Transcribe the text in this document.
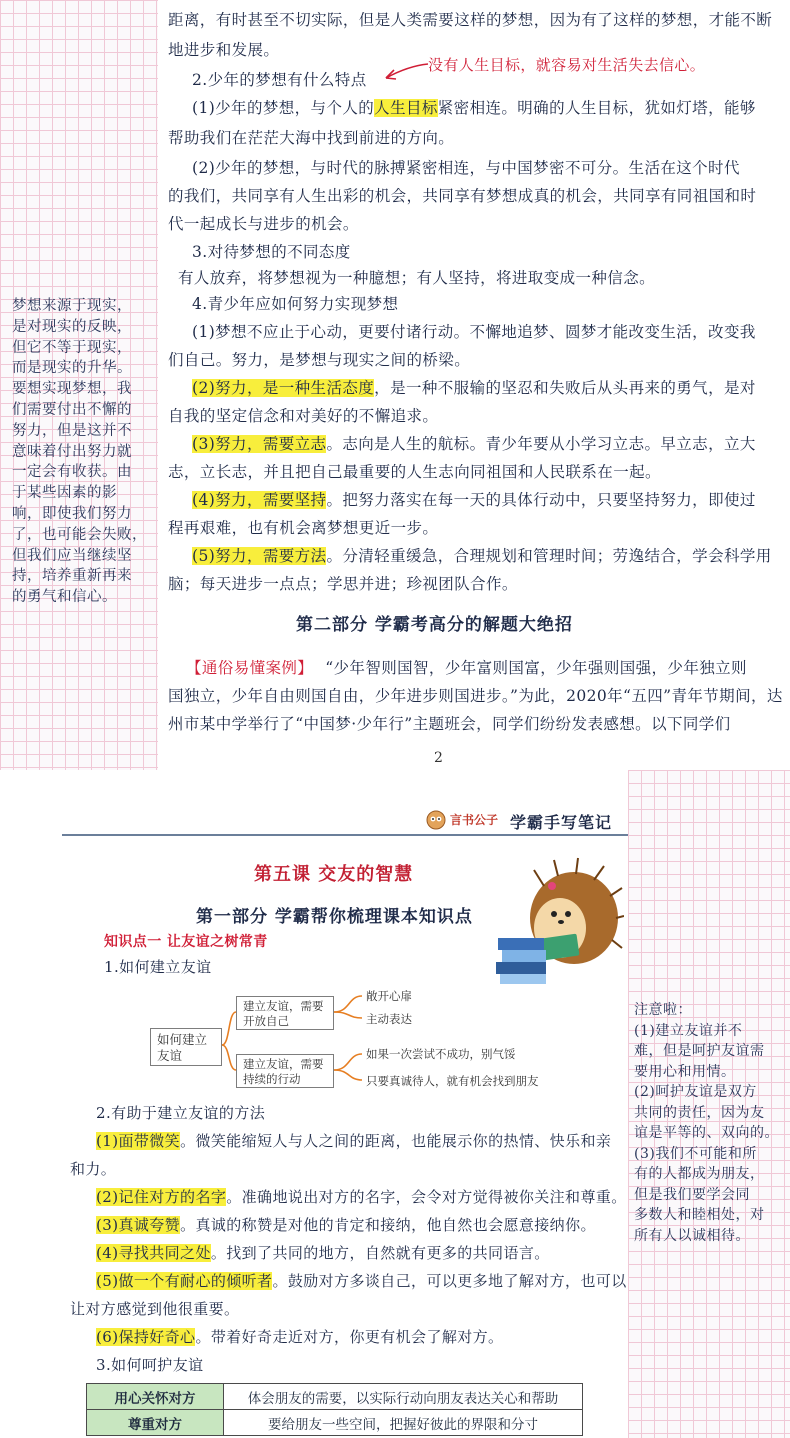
距离，有时甚至不切实际，但是人类需要这样的梦想，因为有了这样的梦想，才能不断
地进步和发展。
2.少年的梦想有什么特点
没有人生目标，就容易对生活失去信心。
(1)少年的梦想，与个人的人生目标紧密相连。明确的人生目标，犹如灯塔，能够
帮助我们在茫茫大海中找到前进的方向。
(2)少年的梦想，与时代的脉搏紧密相连，与中国梦密不可分。生活在这个时代
的我们，共同享有人生出彩的机会，共同享有梦想成真的机会，共同享有同祖国和时
代一起成长与进步的机会。
3.对待梦想的不同态度
有人放弃，将梦想视为一种臆想；有人坚持，将进取变成一种信念。
4.青少年应如何努力实现梦想
(1)梦想不应止于心动，更要付诸行动。不懈地追梦、圆梦才能改变生活，改变我
们自己。努力，是梦想与现实之间的桥梁。
(2)努力，是一种生活态度，是一种不服输的坚忍和失败后从头再来的勇气，是对
自我的坚定信念和对美好的不懈追求。
(3)努力，需要立志。志向是人生的航标。青少年要从小学习立志。早立志，立大
志，立长志，并且把自己最重要的人生志向同祖国和人民联系在一起。
(4)努力，需要坚持。把努力落实在每一天的具体行动中，只要坚持努力，即使过
程再艰难，也有机会离梦想更近一步。
(5)努力，需要方法。分清轻重缓急，合理规划和管理时间；劳逸结合，学会科学用
脑；每天进步一点点；学思并进；珍视团队合作。
第二部分 学霸考高分的解题大绝招
【通俗易懂案例】 “少年智则国智，少年富则国富，少年强则国强，少年独立则
国独立，少年自由则国自由，少年进步则国进步。”为此，2020年“五四”青年节期间，达
州市某中学举行了“中国梦·少年行”主题班会，同学们纷纷发表感想。以下同学们
2
梦想来源于现实，
是对现实的反映，
但它不等于现实，
而是现实的升华。
要想实现梦想，我
们需要付出不懈的
努力，但是这并不
意味着付出努力就
一定会有收获。由
于某些因素的影
响，即使我们努力
了，也可能会失败，
但我们应当继续坚
持，培养重新再来
的勇气和信心。
言书公子 学霸手写笔记
第五课 交友的智慧
第一部分 学霸帮你梳理课本知识点
知识点一 让友谊之树常青
1.如何建立友谊
如何建立友谊
建立友谊，需要开放自己
建立友谊，需要持续的行动
敞开心扉
主动表达
如果一次尝试不成功，别气馁
只要真诚待人，就有机会找到朋友
2.有助于建立友谊的方法
(1)面带微笑。微笑能缩短人与人之间的距离，也能展示你的热情、快乐和亲
和力。
(2)记住对方的名字。准确地说出对方的名字，会令对方觉得被你关注和尊重。
(3)真诚夸赞。真诚的称赞是对他的肯定和接纳，他自然也会愿意接纳你。
(4)寻找共同之处。找到了共同的地方，自然就有更多的共同语言。
(5)做一个有耐心的倾听者。鼓励对方多谈自己，可以更多地了解对方，也可以
让对方感觉到他很重要。
(6)保持好奇心。带着好奇走近对方，你更有机会了解对方。
3.如何呵护友谊
用心关怀对方	体会朋友的需要，以实际行动向朋友表达关心和帮助
尊重对方	要给朋友一些空间，把握好彼此的界限和分寸
注意啦：
(1)建立友谊并不
难，但是呵护友谊需
要用心和用情。
(2)呵护友谊是双方
共同的责任，因为友
谊是平等的、双向的。
(3)我们不可能和所
有的人都成为朋友，
但是我们要学会同
多数人和睦相处，对
所有人以诚相待。
